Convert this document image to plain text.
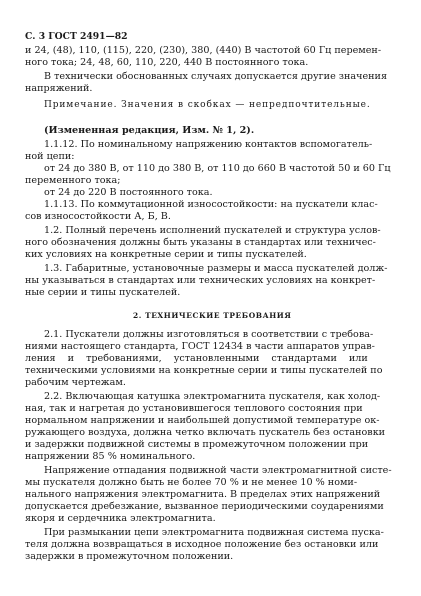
С. 3 ГОСТ 2491—82
и 24, (48), 110, (115), 220, (230), 380, (440) В частотой 60 Гц перемен-
ного тока; 24, 48, 60, 110, 220, 440 В постоянного тока.
В технически обоснованных случаях допускается другие значения
напряжений.
Примечание. Значения в скобках — непредпочтительные.
(Измененная редакция, Изм. № 1, 2).
1.1.12. По номинальному напряжению контактов вспомогатель-
ной цепи:
от 24 до 380 В, от 110 до 380 В, от 110 до 660 В частотой 50 и 60 Гц
переменного тока;
от 24 до 220 В постоянного тока.
1.1.13. По коммутационной износостойкости: на пускатели клас-
сов износостойкости А, Б, В.
1.2. Полный перечень исполнений пускателей и структура услов-
ного обозначения должны быть указаны в стандартах или техничес-
ких условиях на конкретные серии и типы пускателей.
1.3. Габаритные, установочные размеры и масса пускателей долж-
ны указываться в стандартах или технических условиях на конкрет-
ные серии и типы пускателей.
2. ТЕХНИЧЕСКИЕ ТРЕБОВАНИЯ
2.1. Пускатели должны изготовляться в соответствии с требова-
ниями настоящего стандарта, ГОСТ 12434 в части аппаратов управ-
ления и требованиями, установленными стандартами или
техническими условиями на конкретные серии и типы пускателей по
рабочим чертежам.
2.2. Включающая катушка электромагнита пускателя, как холод-
ная, так и нагретая до установившегося теплового состояния при
нормальном напряжении и наибольшей допустимой температуре ок-
ружающего воздуха, должна четко включать пускатель без остановки
и задержки подвижной системы в промежуточном положении при
напряжении 85 % номинального.
Напряжение отпадания подвижной части электромагнитной систе-
мы пускателя должно быть не более 70 % и не менее 10 % номи-
нального напряжения электромагнита. В пределах этих напряжений
допускается дребезжание, вызванное периодическими соударениями
якоря и сердечника электромагнита.
При размыкании цепи электромагнита подвижная система пуска-
теля должна возвращаться в исходное положение без остановки или
задержки в промежуточном положении.
